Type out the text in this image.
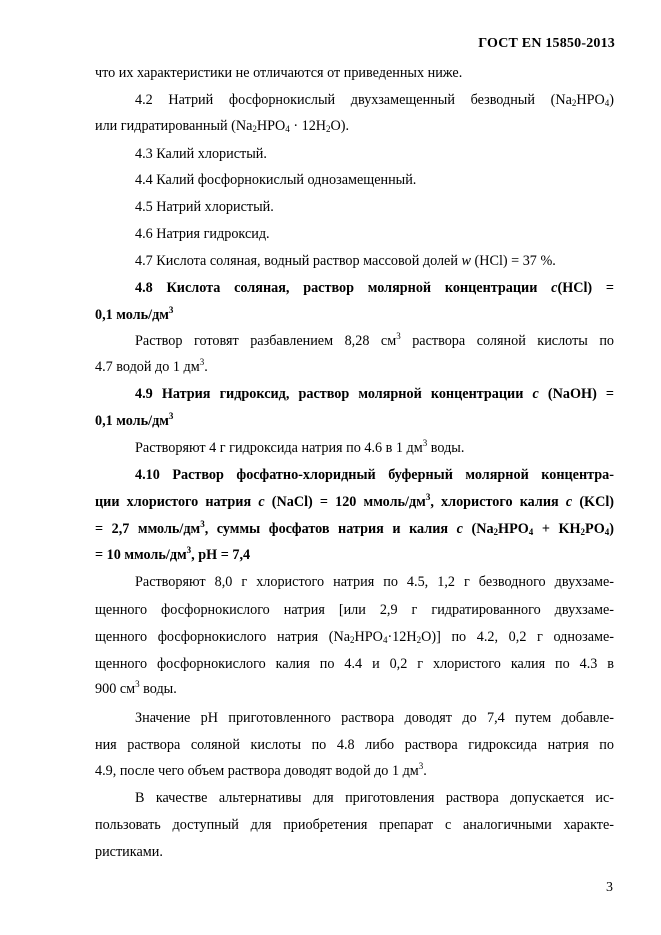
ГОСТ EN 15850-2013
что их характеристики не отличаются от приведенных ниже.
4.2 Натрий фосфорнокислый двухзамещенный безводный $(Na_2HPO_4)$
или гидратированный $(Na_2HPO_4 \cdot 12H_2O)$.
4.3 Калий хлористый.
4.4 Калий фосфорнокислый однозамещенный.
4.5 Натрий хлористый.
4.6 Натрия гидроксид.
4.7 Кислота соляная, водный раствор массовой долей w (HCl) = 37 %.
4.8 Кислота соляная, раствор молярной концентрации c(HCl) =
0,1 моль/$дм^3$
Раствор готовят разбавлением 8,28 $см^3$ раствора соляной кислоты по
4.7 водой до 1 $дм^3$.
4.9 Натрия гидроксид, раствор молярной концентрации c (NaOH) =
0,1 моль/$дм^3$
Растворяют 4 г гидроксида натрия по 4.6 в 1 $дм^3$ воды.
4.10 Раствор фосфатно-хлоридный буферный молярной концентра-
ции хлористого натрия c (NaCl) = 120 ммоль/$дм^3$, хлористого калия c (KCl)
= 2,7 ммоль/$дм^3$, суммы фосфатов натрия и калия c $(Na_2HPO_4 + KH_2PO_4)$
= 10 ммоль/$дм^3$, pH = 7,4
Растворяют 8,0 г хлористого натрия по 4.5, 1,2 г безводного двухзаме-
щенного фосфорнокислого натрия [или 2,9 г гидратированного двухзаме-
щенного фосфорнокислого натрия $(Na_2HPO_4\cdot 12H_2O)$] по 4.2, 0,2 г однозаме-
щенного фосфорнокислого калия по 4.4 и 0,2 г хлористого калия по 4.3 в
900 $см^3$ воды.
Значение pH приготовленного раствора доводят до 7,4 путем добавле-
ния раствора соляной кислоты по 4.8 либо раствора гидроксида натрия по
4.9, после чего объем раствора доводят водой до 1 $дм^3$.
В качестве альтернативы для приготовления раствора допускается ис-
пользовать доступный для приобретения препарат с аналогичными характе-
ристиками.
3
